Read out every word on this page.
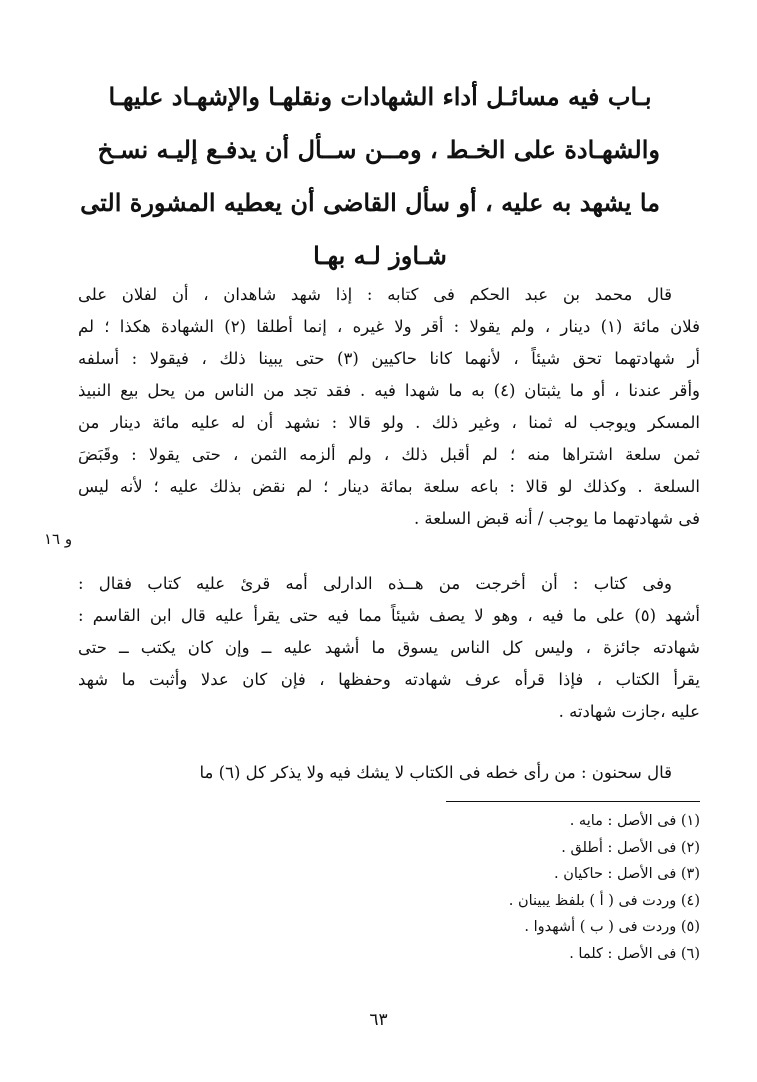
بـاب فيه مسائـل أداء الشهادات ونقلهـا والإشهـاد عليهـا
والشهـادة على الخـط ، ومــن ســأل أن يدفـع إليـه نسـخ
ما يشهد به عليه ، أو سأل القاضى أن يعطيه المشورة التى
شـاوز لـه بهـا
قال محمد بن عبد الحكم فى كتابه : إذا شهد شاهدان ، أن لفلان على
فلان مائة (١) دينار ، ولم يقولا : أقر ولا غيره ، إنما أطلقا (٢) الشهادة هكذا ؛ لم
أر شهادتهما تحق شيئاً ، لأنهما كانا حاكيين (٣) حتى يبينا ذلك ، فيقولا : أسلفه
وأقر عندنا ، أو ما يثبتان (٤) به ما شهدا فيه . فقد تجد من الناس من يحل بيع النبيذ
المسكر ويوجب له ثمنا ، وغير ذلك . ولو قالا : نشهد أن له عليه مائة دينار من
ثمن سلعة اشتراها منه ؛ لم أقبل ذلك ، ولم ألزمه الثمن ، حتى يقولا : وقَبَضَ
السلعة . وكذلك لو قالا : باعه سلعة بمائة دينار ؛ لم نقض بذلك عليه ؛ لأنه ليس
فى شهادتهما ما يوجب / أنه قبض السلعة .
و ١٦
وفى كتاب : أن أخرجت من هــذه الدارلى أمه قرئ عليه كتاب فقال :
أشهد (٥) على ما فيه ، وهو لا يصف شيئاً مما فيه حتى يقرأ عليه قال ابن القاسم :
شهادته جائزة ، وليس كل الناس يسوق ما أشهد عليه ــ وإن كان يكتب ــ حتى
يقرأ الكتاب ، فإذا قرأه عرف شهادته وحفظها ، فإن كان عدلا وأثبت ما شهد
عليه ،جازت شهادته .
قال سحنون : من رأى خطه فى الكتاب لا يشك فيه ولا يذكر كل (٦) ما
(١) فى الأصل : مايه .
(٢) فى الأصل : أطلق .
(٣) فى الأصل : حاكيان .
(٤) وردت فى ( أ ) بلفظ يبينان .
(٥) وردت فى ( ب ) أشهدوا .
(٦) فى الأصل : كلما .
٦٣
